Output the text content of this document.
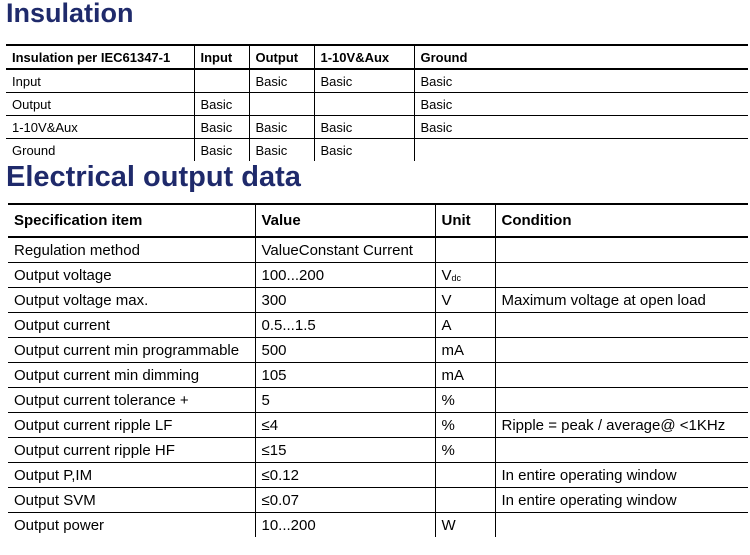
Insulation
Insulation per IEC61347-1	Input	Output	1-10V&Aux	Ground
Input		Basic	Basic	Basic
Output	Basic			Basic
1-10V&Aux	Basic	Basic	Basic	Basic
Ground	Basic	Basic	Basic	
Electrical output data
Specification item	Value	Unit	Condition
Regulation method	ValueConstant Current		
Output voltage	100...200	Vdc	
Output voltage max.	300	V	Maximum voltage at open load
Output current	0.5...1.5	A	
Output current min programmable	500	mA	
Output current min dimming	105	mA	
Output current tolerance +	5	%	
Output current ripple LF	≤4	%	Ripple = peak / average@ <1KHz
Output current ripple HF	≤15	%	
Output P,IM	≤0.12		In entire operating window
Output SVM	≤0.07		In entire operating window
Output power	10...200	W	
